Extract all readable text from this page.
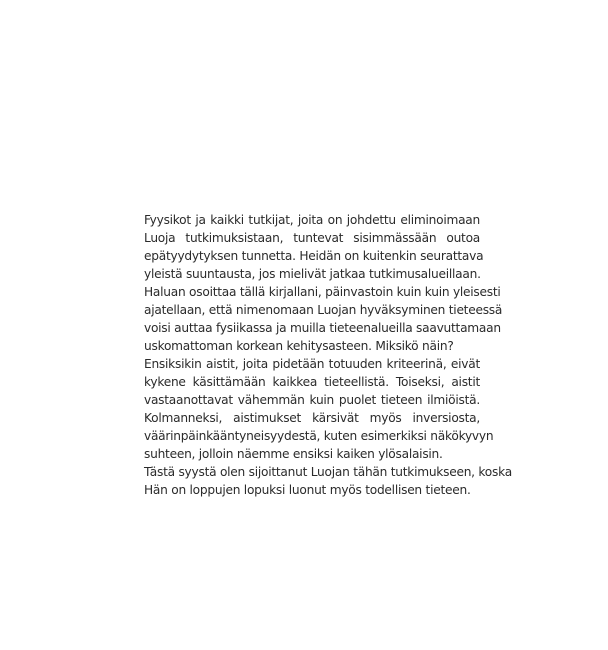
Fyysikot ja kaikki tutkijat, joita on johdettu eliminoimaan
Luoja tutkimuksistaan, tuntevat sisimmässään outoa
epätyydytyksen tunnetta. Heidän on kuitenkin seurattava
yleistä suuntausta, jos mielivät jatkaa tutkimusalueillaan.

Haluan osoittaa tällä kirjallani, päinvastoin kuin kuin yleisesti
ajatellaan, että nimenomaan Luojan hyväksyminen tieteessä
voisi auttaa fysiikassa ja muilla tieteenalueilla saavuttamaan
uskomattoman korkean kehitysasteen. Miksikö näin?

Ensiksikin aistit, joita pidetään totuuden kriteerinä, eivät
kykene käsittämään kaikkea tieteellistä. Toiseksi, aistit
vastaanottavat vähemmän kuin puolet tieteen ilmiöistä.
Kolmanneksi, aistimukset kärsivät myös inversiosta,
väärinpäinkääntyneisyydestä, kuten esimerkiksi näkökyvyn
suhteen, jolloin näemme ensiksi kaiken ylösalaisin.

Tästä syystä olen sijoittanut Luojan tähän tutkimukseen, koska
Hän on loppujen lopuksi luonut myös todellisen tieteen.
